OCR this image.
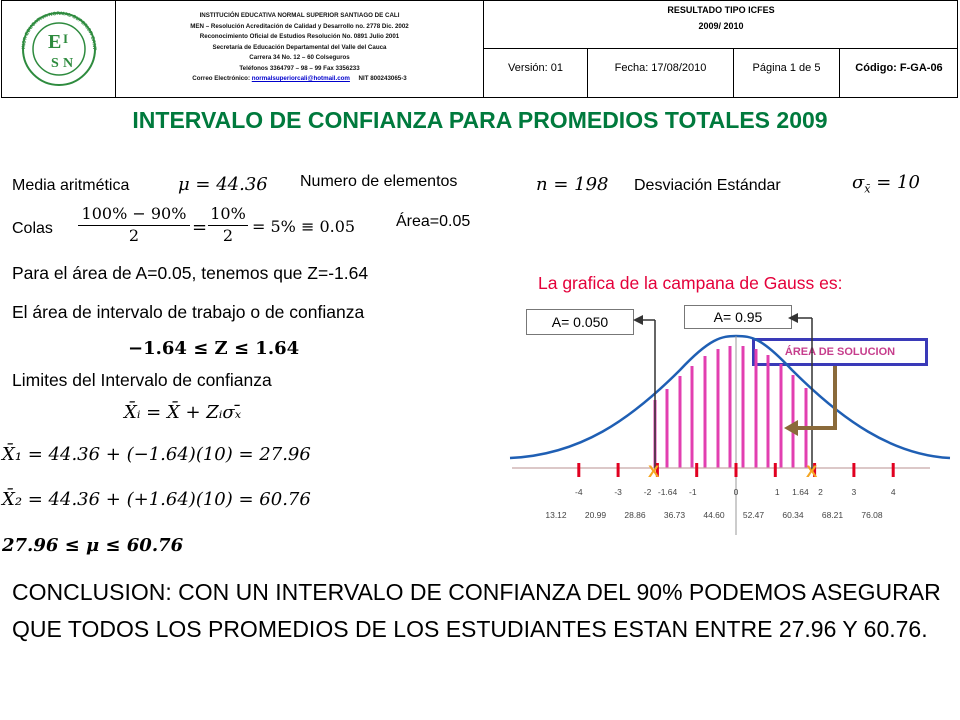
E I
S N
INST. EDUCATIVA NORMAL SUPERIOR SANT
INSTITUCIÓN EDUCATIVA NORMAL SUPERIOR SANTIAGO DE CALI
MEN – Resolución Acreditación de Calidad y Desarrollo no. 2778 Dic. 2002
Reconocimiento Oficial de Estudios Resolución No. 0891 Julio 2001
Secretaría de Educación Departamental del Valle del Cauca
Carrera 34 No. 12 – 60 Colseguros
Teléfonos 3364797 – 98 – 99 Fax 3356233
Correo Electrónico: normalsuperiorcali@hotmail.com NIT 800243065-3
RESULTADO TIPO ICFES
2009/ 2010
Versión: 01	Fecha: 17/08/2010	Página 1 de 5	Código: F-GA-06
INTERVALO DE CONFIANZA PARA PROMEDIOS TOTALES 2009
Media aritmética	μ = 44.36 Numero de elementos	n = 198 Desviación Estándar	$\sigma_{x̄} = 10$
Colas $\frac{100\% - 90\%}{2} = \frac{10\%}{2} = 5\% \equiv 0.05$	Área=0.05
Para el área de A=0.05, tenemos que Z=-1.64
El área de intervalo de trabajo o de confianza
−1.64 ≤ Z ≤ 1.64
Limites del Intervalo de confianza
X̄ᵢ = X̄ + Zᵢσₓ̄
X̄₁ = 44.36 + (−1.64)(10) = 27.96
X̄₂ = 44.36 + (+1.64)(10) = 60.76
27.96 ≤ μ ≤ 60.76
La grafica de la campana de Gauss es:
A= 0.050	A= 0.95
ÁREA DE SOLUCION
-4	-3	-2 -1.64 -1	0	1 1.64 2	3	4
13.12 20.99 28.86 36.73 44.60 52.47 60.34 68.21 76.08
X	X
CONCLUSION: CON UN INTERVALO DE CONFIANZA DEL 90% PODEMOS ASEGURAR QUE TODOS LOS PROMEDIOS DE LOS ESTUDIANTES ESTAN ENTRE 27.96 Y 60.76.
